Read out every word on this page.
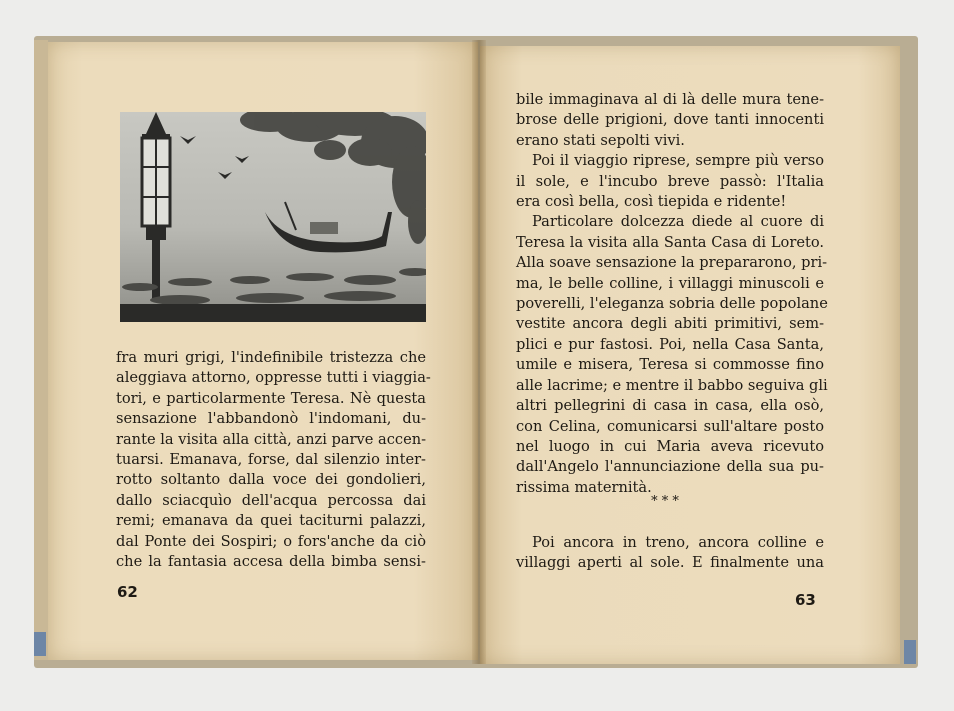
fra muri grigi, l'indefinibile tristezza che
aleggiava attorno, oppresse tutti i viaggia-
tori, e particolarmente Teresa. Nè questa
sensazione l'abbandonò l'indomani, du-
rante la visita alla città, anzi parve accen-
tuarsi. Emanava, forse, dal silenzio inter-
rotto soltanto dalla voce dei gondolieri,
dallo sciacquìo dell'acqua percossa dai
remi; emanava da quei taciturni palazzi,
dal Ponte dei Sospiri; o fors'anche da ciò
che la fantasia accesa della bimba sensi-
62
bile immaginava al di là delle mura tene-
brose delle prigioni, dove tanti innocenti
erano stati sepolti vivi.
Poi il viaggio riprese, sempre più verso
il sole, e l'incubo breve passò: l'Italia
era così bella, così tiepida e ridente!
Particolare dolcezza diede al cuore di
Teresa la visita alla Santa Casa di Loreto.
Alla soave sensazione la prepararono, pri-
ma, le belle colline, i villaggi minuscoli e
poverelli, l'eleganza sobria delle popolane
vestite ancora degli abiti primitivi, sem-
plici e pur fastosi. Poi, nella Casa Santa,
umile e misera, Teresa si commosse fino
alle lacrime; e mentre il babbo seguiva gli
altri pellegrini di casa in casa, ella osò,
con Celina, comunicarsi sull'altare posto
nel luogo in cui Maria aveva ricevuto
dall'Angelo l'annunciazione della sua pu-
rissima maternità.
* * *
Poi ancora in treno, ancora colline e
villaggi aperti al sole. E finalmente una
63
